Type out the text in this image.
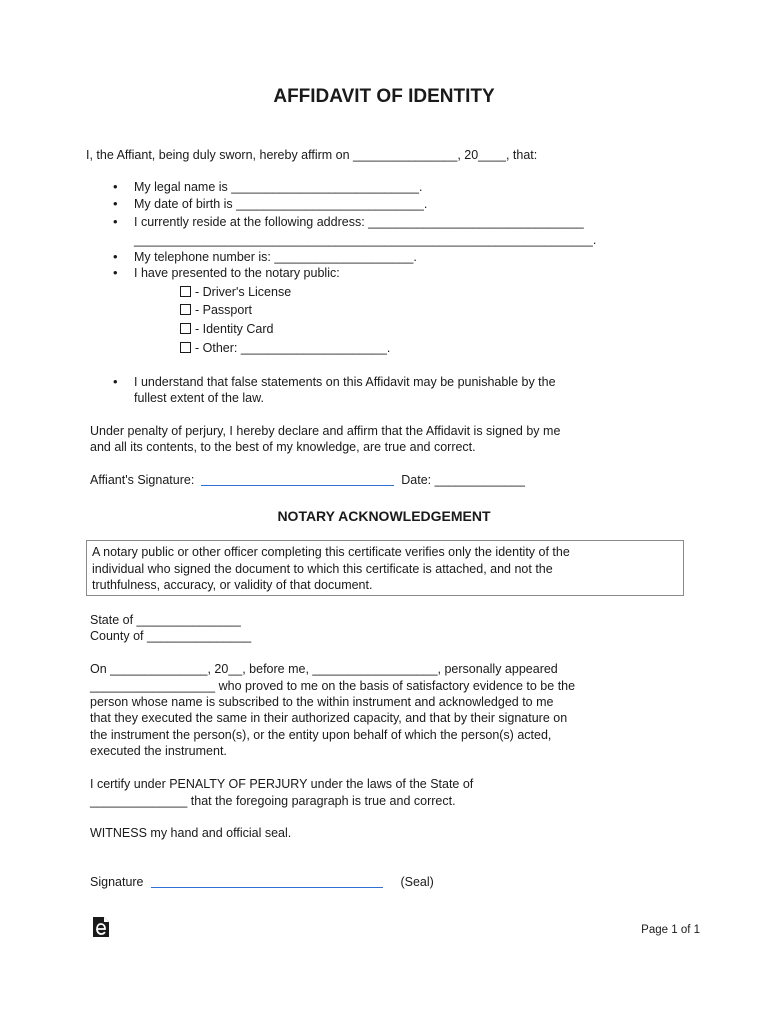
AFFIDAVIT OF IDENTITY
I, the Affiant, being duly sworn, hereby affirm on _______________, 20____, that:
• My legal name is ___________________________.
• My date of birth is ___________________________.
• I currently reside at the following address: _______________________________
__________________________________________________________________.
• My telephone number is: ____________________.
• I have presented to the notary public:
- Driver's License
- Passport
- Identity Card
- Other: _____________________.
• I understand that false statements on this Affidavit may be punishable by the
fullest extent of the law.
Under penalty of perjury, I hereby declare and affirm that the Affidavit is signed by me
and all its contents, to the best of my knowledge, are true and correct.
Affiant's Signature:	Date: _____________
NOTARY ACKNOWLEDGEMENT
A notary public or other officer completing this certificate verifies only the identity of the
individual who signed the document to which this certificate is attached, and not the
truthfulness, accuracy, or validity of that document.
State of _______________
County of _______________
On ______________, 20__, before me, __________________, personally appeared
__________________ who proved to me on the basis of satisfactory evidence to be the
person whose name is subscribed to the within instrument and acknowledged to me
that they executed the same in their authorized capacity, and that by their signature on
the instrument the person(s), or the entity upon behalf of which the person(s) acted,
executed the instrument.
I certify under PENALTY OF PERJURY under the laws of the State of
______________ that the foregoing paragraph is true and correct.
WITNESS my hand and official seal.
Signature	(Seal)
Page 1 of 1
